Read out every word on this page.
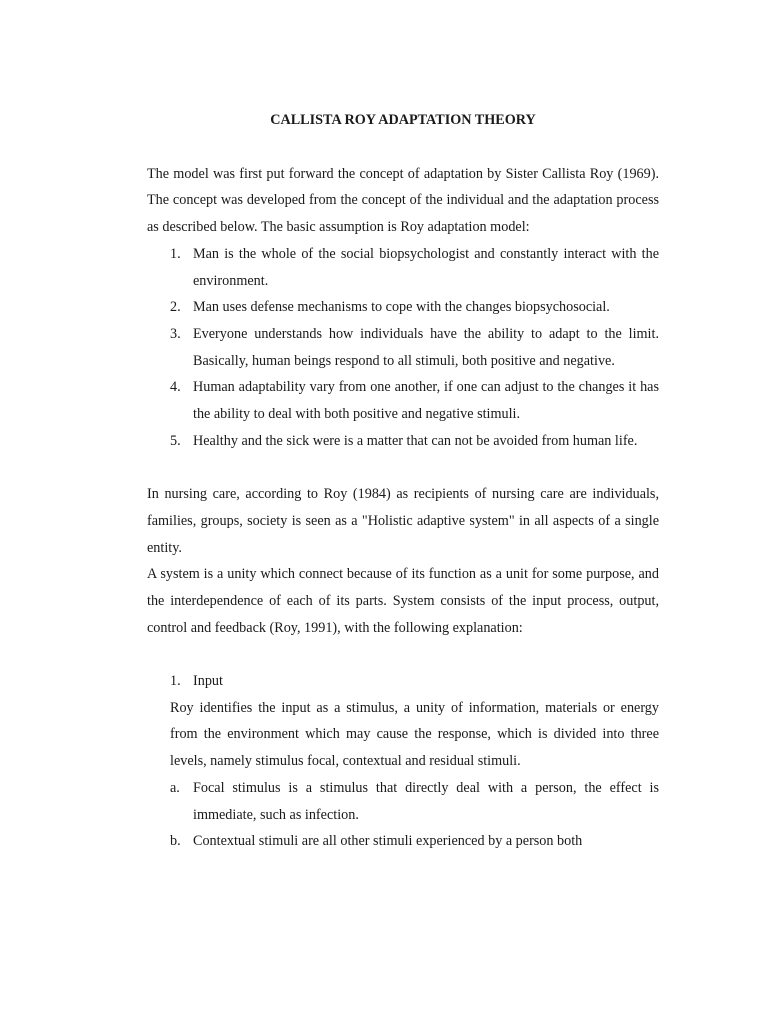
CALLISTA ROY ADAPTATION THEORY

The model was first put forward the concept of adaptation by Sister Callista Roy (1969). The concept was developed from the concept of the individual and the adaptation process as described below. The basic assumption is Roy adaptation model:

1. Man is the whole of the social biopsychologist and constantly interact with the environment.
2. Man uses defense mechanisms to cope with the changes biopsychosocial.
3. Everyone understands how individuals have the ability to adapt to the limit. Basically, human beings respond to all stimuli, both positive and negative.
4. Human adaptability vary from one another, if one can adjust to the changes it has the ability to deal with both positive and negative stimuli.
5. Healthy and the sick were is a matter that can not be avoided from human life.

In nursing care, according to Roy (1984) as recipients of nursing care are individuals, families, groups, society is seen as a "Holistic adaptive system" in all aspects of a single entity.

A system is a unity which connect because of its function as a unit for some purpose, and the interdependence of each of its parts. System consists of the input process, output, control and feedback (Roy, 1991), with the following explanation:

1. Input

Roy identifies the input as a stimulus, a unity of information, materials or energy from the environment which may cause the response, which is divided into three levels, namely stimulus focal, contextual and residual stimuli.

a. Focal stimulus is a stimulus that directly deal with a person, the effect is immediate, such as infection.
b. Contextual stimuli are all other stimuli experienced by a person both
